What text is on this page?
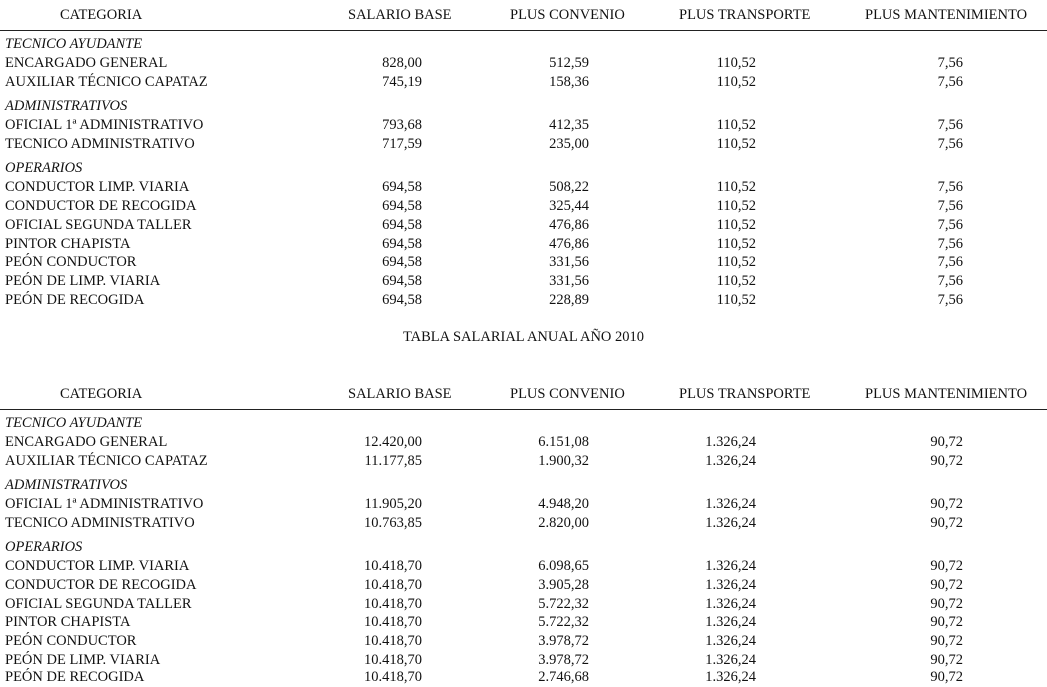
CATEGORIA	SALARIO BASE	PLUS CONVENIO	PLUS TRANSPORTE	PLUS MANTENIMIENTO
TECNICO AYUDANTE
ENCARGADO GENERAL	828,00	512,59	110,52	7,56
AUXILIAR TÉCNICO CAPATAZ	745,19	158,36	110,52	7,56
ADMINISTRATIVOS
OFICIAL 1ª ADMINISTRATIVO	793,68	412,35	110,52	7,56
TECNICO ADMINISTRATIVO	717,59	235,00	110,52	7,56
OPERARIOS
CONDUCTOR LIMP. VIARIA	694,58	508,22	110,52	7,56
CONDUCTOR DE RECOGIDA	694,58	325,44	110,52	7,56
OFICIAL SEGUNDA TALLER	694,58	476,86	110,52	7,56
PINTOR CHAPISTA	694,58	476,86	110,52	7,56
PEÓN CONDUCTOR	694,58	331,56	110,52	7,56
PEÓN DE LIMP. VIARIA	694,58	331,56	110,52	7,56
PEÓN DE RECOGIDA	694,58	228,89	110,52	7,56
TABLA SALARIAL ANUAL AÑO 2010
CATEGORIA	SALARIO BASE	PLUS CONVENIO	PLUS TRANSPORTE	PLUS MANTENIMIENTO
TECNICO AYUDANTE
ENCARGADO GENERAL	12.420,00	6.151,08	1.326,24	90,72
AUXILIAR TÉCNICO CAPATAZ	11.177,85	1.900,32	1.326,24	90,72
ADMINISTRATIVOS
OFICIAL 1ª ADMINISTRATIVO	11.905,20	4.948,20	1.326,24	90,72
TECNICO ADMINISTRATIVO	10.763,85	2.820,00	1.326,24	90,72
OPERARIOS
CONDUCTOR LIMP. VIARIA	10.418,70	6.098,65	1.326,24	90,72
CONDUCTOR DE RECOGIDA	10.418,70	3.905,28	1.326,24	90,72
OFICIAL SEGUNDA TALLER	10.418,70	5.722,32	1.326,24	90,72
PINTOR CHAPISTA	10.418,70	5.722,32	1.326,24	90,72
PEÓN CONDUCTOR	10.418,70	3.978,72	1.326,24	90,72
PEÓN DE LIMP. VIARIA	10.418,70	3.978,72	1.326,24	90,72
PEÓN DE RECOGIDA	10.418,70	2.746,68	1.326,24	90,72
